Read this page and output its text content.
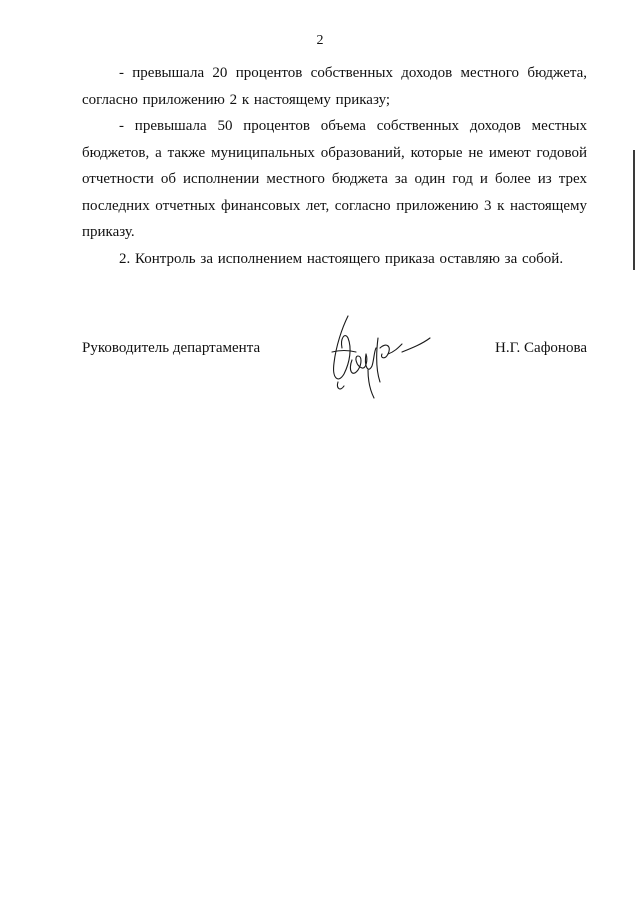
2

- превышала 20 процентов собственных доходов местного бюджета, согласно приложению 2 к настоящему приказу;

- превышала 50 процентов объема собственных доходов местных бюджетов, а также муниципальных образований, которые не имеют годовой отчетности об исполнении местного бюджета за один год и более из трех последних отчетных финансовых лет, согласно приложению 3 к настоящему приказу.

2. Контроль за исполнением настоящего приказа оставляю за собой.

Руководитель департамента	Н.Г. Сафонова
